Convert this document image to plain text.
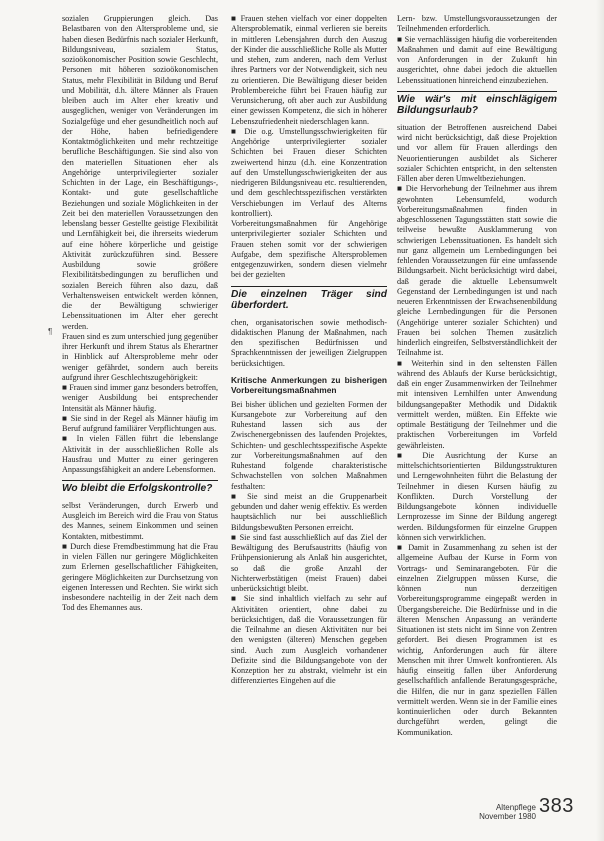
¶

sozialen Gruppierungen gleich. Das Belastbaren von den Altersprobleme und, sie haben diesen Bedürfnis nach sozialer Herkunft, Bildungsniveau, sozialem Status, sozioökonomischer Position sowie Geschlecht, Personen mit höheren sozioökonomischen Status, mehr Flexibilität in Bildung und Beruf und Mobilität, d.h. ältere Männer als Frauen bleiben auch im Alter eher kreativ und ausgeglichen, weniger von Veränderungen im Sozialgefüge und eher gesundheitlich noch auf der Höhe, haben befriedigendere Kontaktmöglichkeiten und mehr rechtzeitige berufliche Beschäftigungen. Sie sind also von den materiellen Situationen eher als Angehörige unterprivilegierter sozialer Schichten in der Lage, ein Beschäftigungs-, Kontakt- und gute gesellschaftliche Beziehungen und soziale Möglichkeiten in der Zeit bei den materiellen Voraussetzungen den lebenslang besser Gestellte geistige Flexibilität und Lernfähigkeit bei, die ihrerseits wiederum auf eine höhere körperliche und geistige Aktivität zurückzuführen sind. Bessere Ausbildung sowie größere Flexibilitätsbedingungen zu beruflichen und sozialen Bereich führen also dazu, daß Verhaltensweisen entwickelt werden können, die der Bewältigung schwieriger Lebenssituationen im Alter eher gerecht werden.

Frauen sind es zum unterschied jung gegenüber ihrer Herkunft und ihrem Status als Eherartner in Hinblick auf Altersprobleme mehr oder weniger gefährdet, sondern auch bereits aufgrund ihrer Geschlechtszugehörigkeit:

■ Frauen sind immer ganz besonders betroffen, weniger Ausbildung bei entsprechender Intensität als Männer häufig.

■ Sie sind in der Regel als Männer häufig im Beruf aufgrund familiärer Verpflichtungen aus.

■ In vielen Fällen führt die lebenslange Aktivität in der ausschließlichen Rolle als Hausfrau und Mutter zu einer geringeren Anpassungsfähigkeit an andere Lebensformen.

Wo bleibt die Erfolgskontrolle?

selbst Veränderungen, durch Erwerb und Ausgleich im Bereich wird die Frau von Status des Mannes, seinem Einkommen und seinen Kontakten, mitbestimmt.

■ Durch diese Fremdbestimmung hat die Frau in vielen Fällen nur geringere Möglichkeiten zum Erlernen gesellschaftlicher Fähigkeiten, geringere Möglichkeiten zur Durchsetzung von eigenen Interessen und Rechten. Sie wirkt sich insbesondere nachteilig in der Zeit nach dem Tod des Ehemannes aus.

■ Frauen stehen vielfach vor einer doppelten Altersproblematik, einmal verlieren sie bereits in mittleren Lebensjahren durch den Auszug der Kinder die ausschließliche Rolle als Mutter und stehen, zum anderen, nach dem Verlust ihres Partners vor der Notwendigkeit, sich neu zu orientieren. Die Bewältigung dieser beiden Problembereiche führt bei Frauen häufig zur Verunsicherung, oft aber auch zur Ausbildung einer gewissen Kompetenz, die sich in höherer Lebenszufriedenheit niederschlagen kann.

■ Die o.g. Umstellungsschwierigkeiten für Angehörige unterprivilegierter sozialer Schichten bei Frauen dieser Schichten zweiwertend hinzu (d.h. eine Konzentration auf den Umstellungsschwierigkeiten der aus niedrigeren Bildungsniveau etc. resultierenden, und dem geschlechtsspezifischen verstärkten Verschiebungen im Verlauf des Alterns kontrolliert).

Vorbereitungsmaßnahmen für Angehörige unterprivilegierter sozialer Schichten und Frauen stehen somit vor der schwierigen Aufgabe, dem spezifische Altersproblemen entgegenzuwirken, sondern diesen vielmehr bei der gezielten

Die einzelnen Träger sind überfordert.

chen, organisatorischen sowie methodisch-didaktischen Planung der Maßnahmen, nach den spezifischen Bedürfnissen und Sprachkenntnissen der jeweiligen Zielgruppen berücksichtigen.

Kritische Anmerkungen zu bisherigen Vorbereitungsmaßnahmen

Bei bisher üblichen und gezielten Formen der Kursangebote zur Vorbereitung auf den Ruhestand lassen sich aus der Zwischenergebnissen des laufenden Projektes, Schichten- und geschlechtsspezifische Aspekte zur Vorbereitungsmaßnahmen auf den Ruhestand folgende charakteristische Schwachstellen von solchen Maßnahmen festhalten:

■ Sie sind meist an die Gruppenarbeit gebunden und daher wenig effektiv. Es werden hauptsächlich nur bei ausschließlich Bildungsbewußten Personen erreicht.

■ Sie sind fast ausschließlich auf das Ziel der Bewältigung des Berufsaustritts (häufig von Frühpensionierung als Anlaß hin ausgerichtet, so daß die große Anzahl der Nichterwerbstätigen (meist Frauen) dabei unberücksichtigt bleibt.

■ Sie sind inhaltlich vielfach zu sehr auf Aktivitäten orientiert, ohne dabei zu berücksichtigen, daß die Voraussetzungen für die Teilnahme an diesen Aktivitäten nur bei den wenigsten (älteren) Menschen gegeben sind. Auch zum Ausgleich vorhandener Defizite sind die Bildungsangebote von der Konzeption her zu abstrakt, vielmehr ist ein differenziertes Eingehen auf die

Lern- bzw. Umstellungsvoraussetzungen der Teilnehmenden erforderlich.

■ Sie vernachlässigen häufig die vorbereitenden Maßnahmen und damit auf eine Bewältigung von Anforderungen in der Zukunft hin ausgerichtet, ohne dabei jedoch die aktuellen Lebenssituationen hinreichend einzubeziehen.

Wie wär's mit einschlägigem Bildungsurlaub?

situation der Betroffenen ausreichend Dabei wird nicht berücksichtigt, daß diese Projektion und vor allem für Frauen allerdings den Neuorientierungen ausbildet als Sicherer sozialer Schichten entspricht, in den seltensten Fällen aber deren Umweltbeziehungen.

■ Die Hervorhebung der Teilnehmer aus ihrem gewohnten Lebensumfeld, wodurch Vorbereitungsmaßnahmen finden in abgeschlossenen Tagungsstätten statt sowie die teilweise bewußte Ausklammerung von schwierigen Lebenssituationen. Es handelt sich nur ganz allgemein um Lernbedingungen bei fehlenden Voraussetzungen für eine umfassende Bildungsarbeit. Nicht berücksichtigt wird dabei, daß gerade die aktuelle Lebensumwelt Gegenstand der Lernbedingungen ist und nach neueren Erkenntnissen der Erwachsenenbildung gleiche Lernbedingungen für die Personen (Angehörige unterer sozialer Schichten) und Frauen bei solchen Themen zusätzlich hinderlich eingreifen, Selbstverständlichkeit der Teilnahme ist.

■ Weiterhin sind in den seltensten Fällen während des Ablaufs der Kurse berücksichtigt, daß ein enger Zusammenwirken der Teilnehmer mit intensiven Lernhilfen unter Anwendung bildungsangepaßter Methodik und Didaktik vermittelt werden, müßten. Ein Effekte wie optimale Bestätigung der Teilnehmer und die praktischen Vorbereitungen im Vorfeld gewährleisten.

■ Die Ausrichtung der Kurse an mittelschichtsorientierten Bildungsstrukturen und Lerngewohnheiten führt die Belastung der Teilnehmer in diesen Kursen häufig zu Konflikten. Durch Vorstellung der Bildungsangebote können individuelle Lernprozesse im Sinne der Bildung angeregt werden. Bildungsformen für einzelne Gruppen können sich verwirklichen.

■ Damit in Zusammenhang zu sehen ist der allgemeine Aufbau der Kurse in Form von Vortrags- und Seminarangeboten. Für die einzelnen Zielgruppen müssen Kurse, die können nun derzeitigen Vorbereitungsprogramme eingepaßt werden in Übergangsbereiche. Die Bedürfnisse und in die älteren Menschen Anpassung an veränderte Situationen ist stets nicht im Sinne von Zentren gefordert. Bei diesen Programmen ist es wichtig, Anforderungen auch für ältere Menschen mit ihrer Umwelt konfrontieren. Als häufig einseitig fallen über Anforderung gesellschaftlich anfallende Beratungsgespräche, die Hilfen, die nur in ganz speziellen Fällen vermittelt werden. Wenn sie in der Familie eines kontinuierlichen oder durch Bekannten durchgeführt werden, gelingt die Kommunikation.

Altenpflege
November 1980 383
